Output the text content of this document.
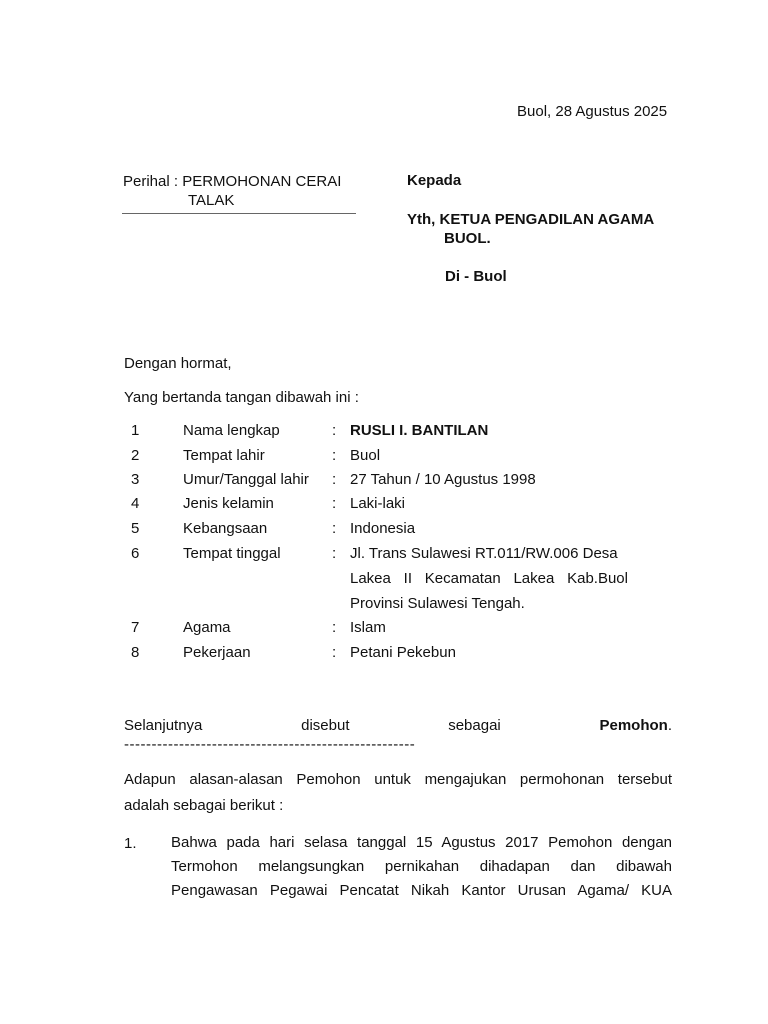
Buol, 28 Agustus 2025
Perihal : PERMOHONAN CERAI
TALAK
Kepada
Yth, KETUA PENGADILAN AGAMA
BUOL.
Di - Buol
Dengan hormat,
Yang bertanda tangan dibawah ini :
1	Nama lengkap	: RUSLI I. BANTILAN
2	Tempat lahir	: Buol
3	Umur/Tanggal lahir : 27 Tahun / 10 Agustus 1998
4	Jenis kelamin	: Laki-laki
5	Kebangsaan	: Indonesia
6	Tempat tinggal	: Jl. Trans Sulawesi RT.011/RW.006 Desa
Lakea II Kecamatan Lakea Kab.Buol
Provinsi Sulawesi Tengah.
7	Agama	: Islam
8	Pekerjaan	: Petani Pekebun
Selanjutnya	disebut	sebagai	Pemohon.
-----------------------------------------------------
Adapun alasan-alasan Pemohon untuk mengajukan permohonan tersebut
adalah sebagai berikut :
1. Bahwa pada hari selasa tanggal 15 Agustus 2017 Pemohon dengan
Termohon melangsungkan pernikahan dihadapan dan dibawah
Pengawasan Pegawai Pencatat Nikah Kantor Urusan Agama/ KUA
